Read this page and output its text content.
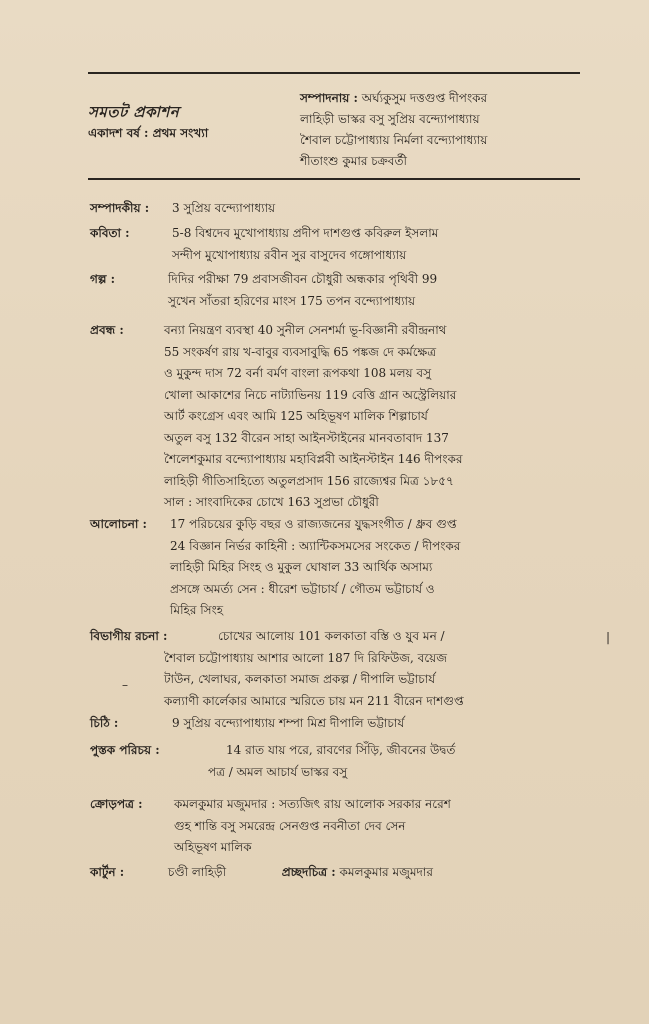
সমতট প্রকাশন
একাদশ বর্ষ : প্রথম সংখ্যা
সম্পাদনায় : অর্ঘ্যকুসুম দত্তগুপ্ত দীপংকর
লাহিড়ী ভাস্কর বসু সুপ্রিয় বন্দ্যোপাধ্যায়
শৈবাল চট্টোপাধ্যায় নির্মলা বন্দ্যোপাধ্যায়
শীতাংশু কুমার চক্রবর্তী
সম্পাদকীয় : 3 সুপ্রিয় বন্দ্যোপাধ্যায়
কবিতা :	5-8 বিশ্বদেব মুখোপাধ্যায় প্রদীপ দাশগুপ্ত কবিরুল ইসলাম
সন্দীপ মুখোপাধ্যায় রবীন সুর বাসুদেব গঙ্গোপাধ্যায়
গল্প :	দিদির পরীক্ষা 79 প্রবাসজীবন চৌধুরী অন্ধকার পৃথিবী 99
সুখেন সাঁতরা হরিণের মাংস 175 তপন বন্দ্যোপাধ্যায়
প্রবন্ধ :	বন্যা নিয়ন্ত্রণ ব্যবস্থা 40 সুনীল সেনশর্মা ভূ-বিজ্ঞানী রবীন্দ্রনাথ
55 সংকর্ষণ রায় খ-বাবুর ব্যবসাবুদ্ধি 65 পঙ্কজ দে কর্মক্ষেত্র
ও মুকুন্দ দাস 72 বর্না বর্মণ বাংলা রূপকথা 108 মলয় বসু
খোলা আকাশের নিচে নাট্যাভিনয় 119 বেত্তি গ্রান অস্ট্রেলিয়ার
আর্ট কংগ্রেস এবং আমি 125 অহিভূষণ মালিক শিল্পাচার্য
অতুল বসু 132 বীরেন সাহা আইনস্টাইনের মানবতাবাদ 137
শৈলেশকুমার বন্দ্যোপাধ্যায় মহাবিপ্লবী আইনস্টাইন 146 দীপংকর
লাহিড়ী গীতিসাহিত্যে অতুলপ্রসাদ 156 রাজ্যেশ্বর মিত্র ১৮৫৭
সাল : সাংবাদিকের চোখে 163 সুপ্রভা চৌধুরী
আলোচনা : 17 পরিচয়ের কুড়ি বছর ও রাজ্যজনের যুদ্ধসংগীত / ধ্রুব গুপ্ত
24 বিজ্ঞান নির্ভর কাহিনী : অ্যান্টিকসমসের সংকেত / দীপংকর
লাহিড়ী মিহির সিংহ ও মুকুল ঘোষাল 33 আর্থিক অসাম্য
প্রসঙ্গে অমর্ত্য সেন : ধীরেশ ভট্টাচার্য / গৌতম ভট্টাচার্য ও
মিহির সিংহ
বিভাগীয় রচনা :	চোখের আলোয় 101 কলকাতা বস্তি ও যুব মন /
শৈবাল চট্টোপাধ্যায় আশার আলো 187 দি রিফিউজ, বয়েজ
টাউন, খেলাঘর, কলকাতা সমাজ প্রকল্প / দীপালি ভট্টাচার্য
কল্যাণী কার্লেকার আমারে স্মরিতে চায় মন 211 বীরেন দাশগুপ্ত
চিঠি :	9 সুপ্রিয় বন্দ্যোপাধ্যায় শম্পা মিশ্র দীপালি ভট্টাচার্য
পুস্তক পরিচয় :	14 রাত যায় পরে, রাবণের সিঁড়ি, জীবনের উদ্বর্ত
পত্র / অমল আচার্য ভাস্কর বসু
ক্রোড়পত্র :	কমলকুমার মজুমদার : সত্যজিৎ রায় আলোক সরকার নরেশ
গুহ শান্তি বসু সমরেন্দ্র সেনগুপ্ত নবনীতা দেব সেন
অহিভূষণ মালিক
কার্টুন :	চণ্ডী লাহিড়ী	প্রচ্ছদচিত্র : কমলকুমার মজুমদার
|
–
